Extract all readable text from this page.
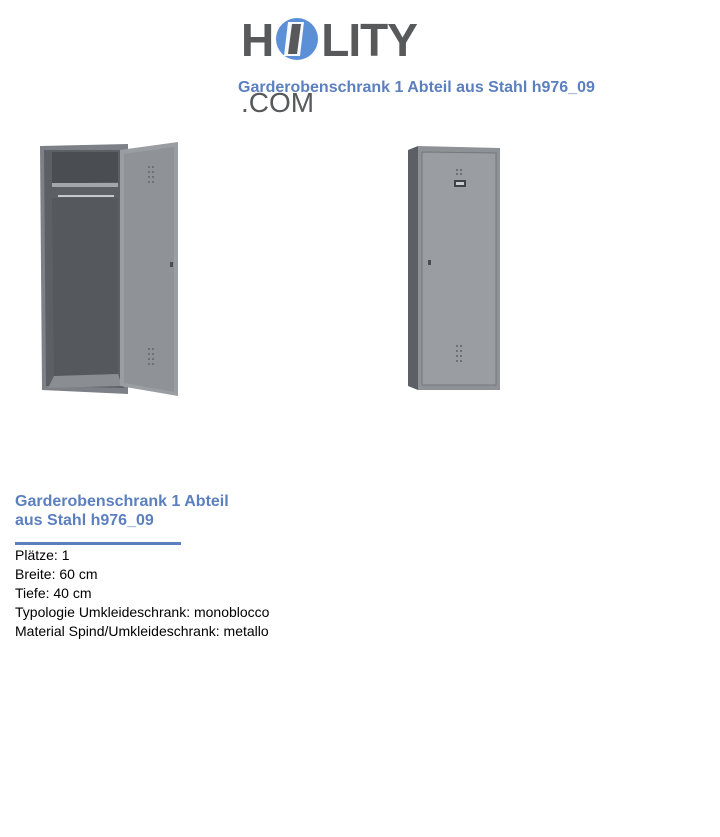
H LITY.COM
Garderobenschrank 1 Abteil aus Stahl h976_09
Garderobenschrank 1 Abteil
aus Stahl h976_09
Plätze: 1
Breite: 60 cm
Tiefe: 40 cm
Typologie Umkleideschrank: monoblocco
Material Spind/Umkleideschrank: metallo
